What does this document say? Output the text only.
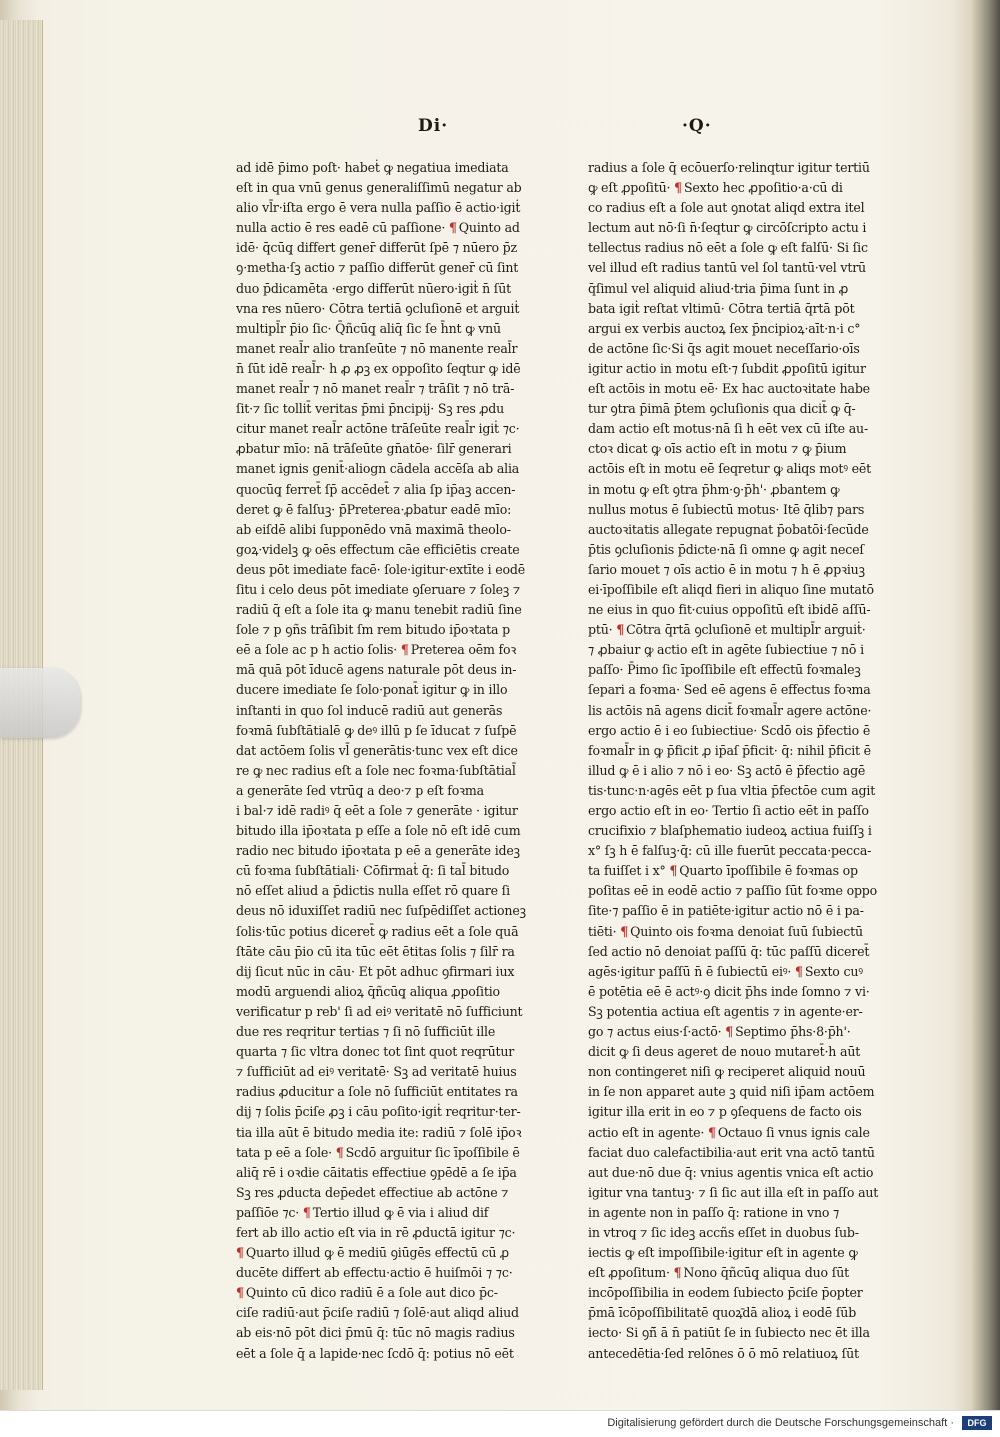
Di·	·Q·
ad idē p̄imo poſt· habeṫ ꝙ negatiua imediata
eſt in qua vnū genus generaliſſimū negatur ab
alio vl̄r·iſta ergo ē vera nulla paſſio ē actio·igiṫ
nulla actio ē res eadē cū paſſione· ¶ Quinto ad
idē· q̄cūq̧ differt gener̄ differūt ſpē ⁊ nūero p̄z
ꝯ·metha·ſꝫ actio ⁊ paſſio differūt gener̄ cū ſint
duo p̄dicamēta ·ergo differūt nūero·igiṫ n̄ ſūt
vna res nūero· Cōtra tertiā ꝯcluſionē et arguiṫ
multipl̄r p̄io ſic· Q̄ñcūq̧ aliq̄ ſic ſe h̄nt ꝙ vnū
manet real̄r alio tranſeūte ⁊ nō manente real̄r
n̄ ſūt idē real̄r· h ꝓ ꝓꝫ ex oppoſito ſeqtur ꝙ idē
manet real̄r ⁊ nō manet real̄r ⁊ trāſit ⁊ nō trā-
ſit·⁊ ſic tollit̄ veritas p̄mi p̄ncipij· Sꝫ res ꝓdu
citur manet real̄r actōne trāſeūte real̄r igiṫ ⁊c·
ꝓbatur mīo: nā trāſeūte gn̄atōe· ſilr̄ generari
manet ignis genit̄·aliogn cādela accēſa ab alia
quocūq̧ ferret̄ ſp̄ accēdet̄ ⁊ alia ſp ip̄aꝫ accen-
deret ꝙ ē falſuꝫ· p̄Preterea·ꝓbatur eadē mīo:
ab eiſdē alibi ſupponēdo vnā maximā theolo-
goꝝ·videlꝫ ꝙ oēs effectum cāe efficiētis create
deus pōt imediate facē· ſole·igitur·extīte i eodē
ſitu i celo deus pōt imediate ꝯſeruare ⁊ ſoleꝫ ⁊
radiū q̄ eſt a ſole ita ꝙ manu tenebit radiū ſine
ſole ⁊ p ꝯñs trāſibit ſm rem bitudo ip̄oꝛtata p
eē a ſole ac p h actio ſolis· ¶ Preterea oēm foꝛ
mā quā pōt īducē agens naturale pōt deus in-
ducere imediate ſe ſolo·ponat̄ igitur ꝙ in illo
inſtanti in quo ſol inducē radiū aut generās
foꝛmā ſubſtātialē ꝙ deꝰ illū p ſe īducat ⁊ ſuſpē
dat actōem ſolis vl̄ generātis·tunc vex eſt dice
re ꝙ nec radius eſt a ſole nec foꝛma·ſubſtātial̄
a generāte ſed vtrūq̧ a deo·⁊ p eſt foꝛma
i bal·⁊ idē radiꝰ q̄ eēt a ſole ⁊ generāte · igitur
bitudo illa ip̄oꝛtata p eſſe a ſole nō eſt idē cum
radio nec bitudo ip̄oꝛtata p eē a generāte ideꝫ
cū foꝛma ſubſtātiali· Cōfirmaṫ q̄: ſi tal̄ bitudo
nō eſſet aliud a p̄dictis nulla eſſet rō quare ſi
deus nō iduxiſſet radiū nec ſuſpēdiſſet actioneꝫ
ſolis·tūc potius diceret̄ ꝙ radius eēt a ſole quā
ſtāte cāu p̄io cū ita tūc eēt ētitas ſolis ⁊ ſilr̄ ra
dij ſicut nūc in cāu· Et pōt adhuc ꝯfirmari iux
modū arguendi alioꝝ q̄ñcūq̧ aliqua ꝓpoſitio
verificatur p reb' ſi ad eiꝰ veritatē nō ſufficiunt
due res reqritur tertias ⁊ ſi nō ſufficiūt ille
quarta ⁊ ſic vltra donec tot ſint quot reqrūtur
⁊ ſufficiūt ad eiꝰ veritatē· Sꝫ ad veritatē huius
radius ꝓducitur a ſole nō ſufficiūt entitates ra
dij ⁊ ſolis p̄ciſe ꝓꝫ i cāu poſito·igiṫ reqritur·ter-
tia illa aūt ē bitudo media ite: radiū ⁊ ſolē ip̄oꝛ
tata p eē a ſole· ¶ Scdō arguitur ſic īpoſſibile ē
aliq̄ rē i oꝛdie cāitatis effectiue ꝯpēdē a ſe ip̄a
Sꝫ res ꝓducta dep̄edet effectiue ab actōne ⁊
paſſiōe ⁊c· ¶ Tertio illud ꝙ ē via i aliud dif
fert ab illo actio eſt via in rē ꝓductā igitur ⁊c·
¶ Quarto illud ꝙ ē mediū ꝯiūgēs effectū cū ꝓ
ducēte differt ab effectu·actio ē huiſmōi ⁊ ⁊c·
¶ Quinto cū dico radiū ē a ſole aut dico p̄c-
ciſe radiū·aut p̄ciſe radiū ⁊ ſolē·aut aliqd aliud
ab eis·nō pōt dici p̄mū q̄: tūc nō magis radius
eēt a ſole q̄ a lapide·nec ſcdō q̄: potius nō eēt
radius a ſole q̄ ecōuerſo·relinqtur igitur tertiū
ꝙ eſt ꝓpoſitū· ¶ Sexto hec ꝓpoſitio·a·cū di
co radius eſt a ſole aut ꝯnotat aliqd extra itel
lectum aut nō·ſi n̄·ſeqtur ꝙ circōſcripto actu i
tellectus radius nō eēt a ſole ꝙ eſt falſū· Si ſic
vel illud eſt radius tantū vel ſol tantū·vel vtrū
q̄ſimul vel aliquid aliud·tria p̄ima ſunt in ꝓ
bata igiṫ reſtat vltimū· Cōtra tertiā q̄rtā pōt
argui ex verbis auctoꝝ ſex p̄ncipioꝝ·aīt·n·i c°
de actōne ſic·Si q̄s agit mouet neceſſario·oīs
igitur actio in motu eſt·⁊ ſubdit ꝓpoſitū igitur
eſt actōis in motu eē· Ex hac auctoꝛitate habe
tur ꝯtra p̄imā p̄tem ꝯcluſionis qua dicit̄ ꝙ q̄-
dam actio eſt motus·nā ſi h eēt vex cū iſte au-
ctoꝛ dicat ꝙ oīs actio eſt in motu ⁊ ꝙ p̄ium
actōis eſt in motu eē ſeqretur ꝙ aliqs motꝰ eēt
in motu ꝙ eſt ꝯtra p̄hm·ꝯ·p̄h'· ꝓbantem ꝙ
nullus motus ē ſubiectū motus· Itē q̄lib⁊ pars
auctoꝛitatis allegate repugnat p̄obatōi·ſecūde
p̄tis ꝯcluſionis p̄dicte·nā ſi omne ꝙ agit neceſ
ſario mouet ⁊ oīs actio ē in motu ⁊ h ē ꝓpꝛiuꝫ
ei·īpoſſibile eſt aliqd fieri in aliquo ſine mutatō
ne eius in quo fit·cuius oppoſitū eſt ibidē aſſū-
ptū· ¶ Cōtra q̄rtā ꝯcluſionē et multipl̄r arguiṫ·
⁊ ꝓbaiur ꝙ actio eſt in agēte ſubiectiue ⁊ nō i
paſſo· P̄imo ſic īpoſſibile eſt effectū foꝛmaleꝫ
ſepari a foꝛma· Sed eē agens ē effectus foꝛma
lis actōis nā agens dicit̄ foꝛmal̄r agere actōne·
ergo actio ē i eo ſubiectiue· Scdō ois p̄fectio ē
foꝛmal̄r in ꝙ p̄ficit ꝓ ip̄aſ p̄ficit· q̄: nihil p̄ficit ē
illud ꝙ ē i alio ⁊ nō i eo· Sꝫ actō ē p̄fectio agē
tis·tunc·n·agēs eēt p ſua vltia p̄fectōe cum agit
ergo actio eſt in eo· Tertio ſi actio eēt in paſſo
crucifixio ⁊ blaſphematio iudeoꝝ actiua fuiſſꝫ i
x° ſꝫ h ē falſuꝫ·q̄: cū ille fuerūt peccata·pecca-
ta fuiſſet i x° ¶ Quarto īpoſſibile ē foꝛmas op
poſitas eē in eodē actio ⁊ paſſio ſūt foꝛme oppo
ſite·⁊ paſſio ē in patiēte·igitur actio nō ē i pa-
tiēti· ¶ Quinto ois foꝛma denoiat ſuū ſubiectū
ſed actio nō denoiat paſſū q̄: tūc paſſū diceret̄
agēs·igitur paſſū n̄ ē ſubiectū eiꝰ· ¶ Sexto cuꝰ
ē potētia eē ē actꝰ·ꝯ dicit p̄hs inde ſomno ⁊ vi·
Sꝫ potentia actiua eſt agentis ⁊ in agente·er-
go ⁊ actus eius·ſ·actō· ¶ Septimo p̄hs·8·p̄h'·
dicit ꝙ ſi deus ageret de nouo mutaret̄·h aūt
non contingeret niſi ꝙ reciperet aliquid nouū
in ſe non apparet aute ꝫ quid niſi ip̄am actōem
igitur illa erit in eo ⁊ p ꝯſequens de facto ois
actio eſt in agente· ¶ Octauo ſi vnus ignis cale
faciat duo calefactibilia·aut erit vna actō tantū
aut due·nō due q̄: vnius agentis vnica eſt actio
igitur vna tantuꝫ· ⁊ ſi ſic aut illa eſt in paſſo aut
in agente non in paſſo q̄: ratione in vno ⁊
in vtroq̧ ⁊ ſic ideꝫ accñs eſſet in duobus ſub-
iectis ꝙ eſt impoſſibile·igitur eſt in agente ꝙ
eſt ꝓpoſitum· ¶ Nono q̄ñcūq̧ aliqua duo ſūt
incōpoſſibilia in eodem ſubiecto p̄ciſe p̄opter
p̄mā īcōpoſſibilitatē quoꝝ̄dā alioꝝ i eodē ſūb
iecto· Si ꝯñ̄ ā n̄ patiūt ſe in ſubiecto nec ē̄t illa
antecedētia·ſed relōnes ō ō mō relatiuoꝝ ſūt
Digitalisierung gefördert durch die Deutsche Forschungsgemeinschaft ·	DFG
